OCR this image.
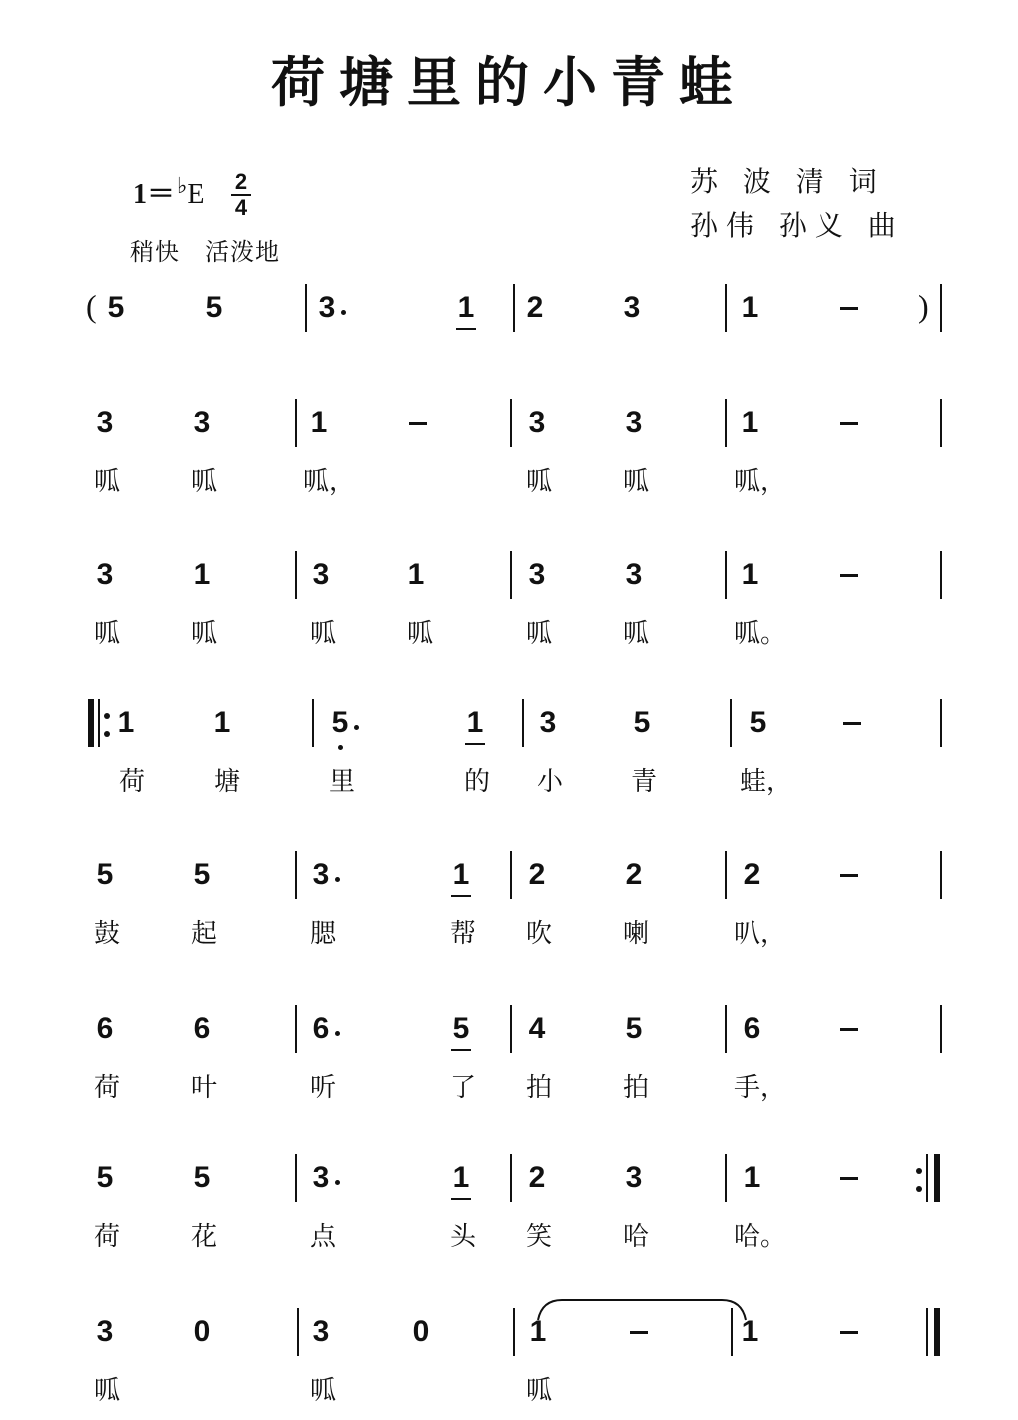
荷塘里的小青蛙
1＝♭E 2
4
稍快　活泼地
苏 波 清 词
孙伟 孙义 曲
5	5	3	1 2	3	1
3	3	1	3	3	1
呱	呱	呱，	呱	呱	呱，
3	1	3	1	3	3	1
呱	呱	呱	呱	呱	呱	呱。
1	1	5	1 3	5	5
荷	塘	里	的 小	青	蛙，
5	5	3	1 2	2	2
鼓	起	腮	帮 吹	喇	叭，
6	6	6	5 4	5	6
荷	叶	听	了 拍	拍	手，
5	5	3	1 2	3	1
荷	花	点	头 笑	哈	哈。
3	0	3	0	1	1
呱	呱	呱
(	)
